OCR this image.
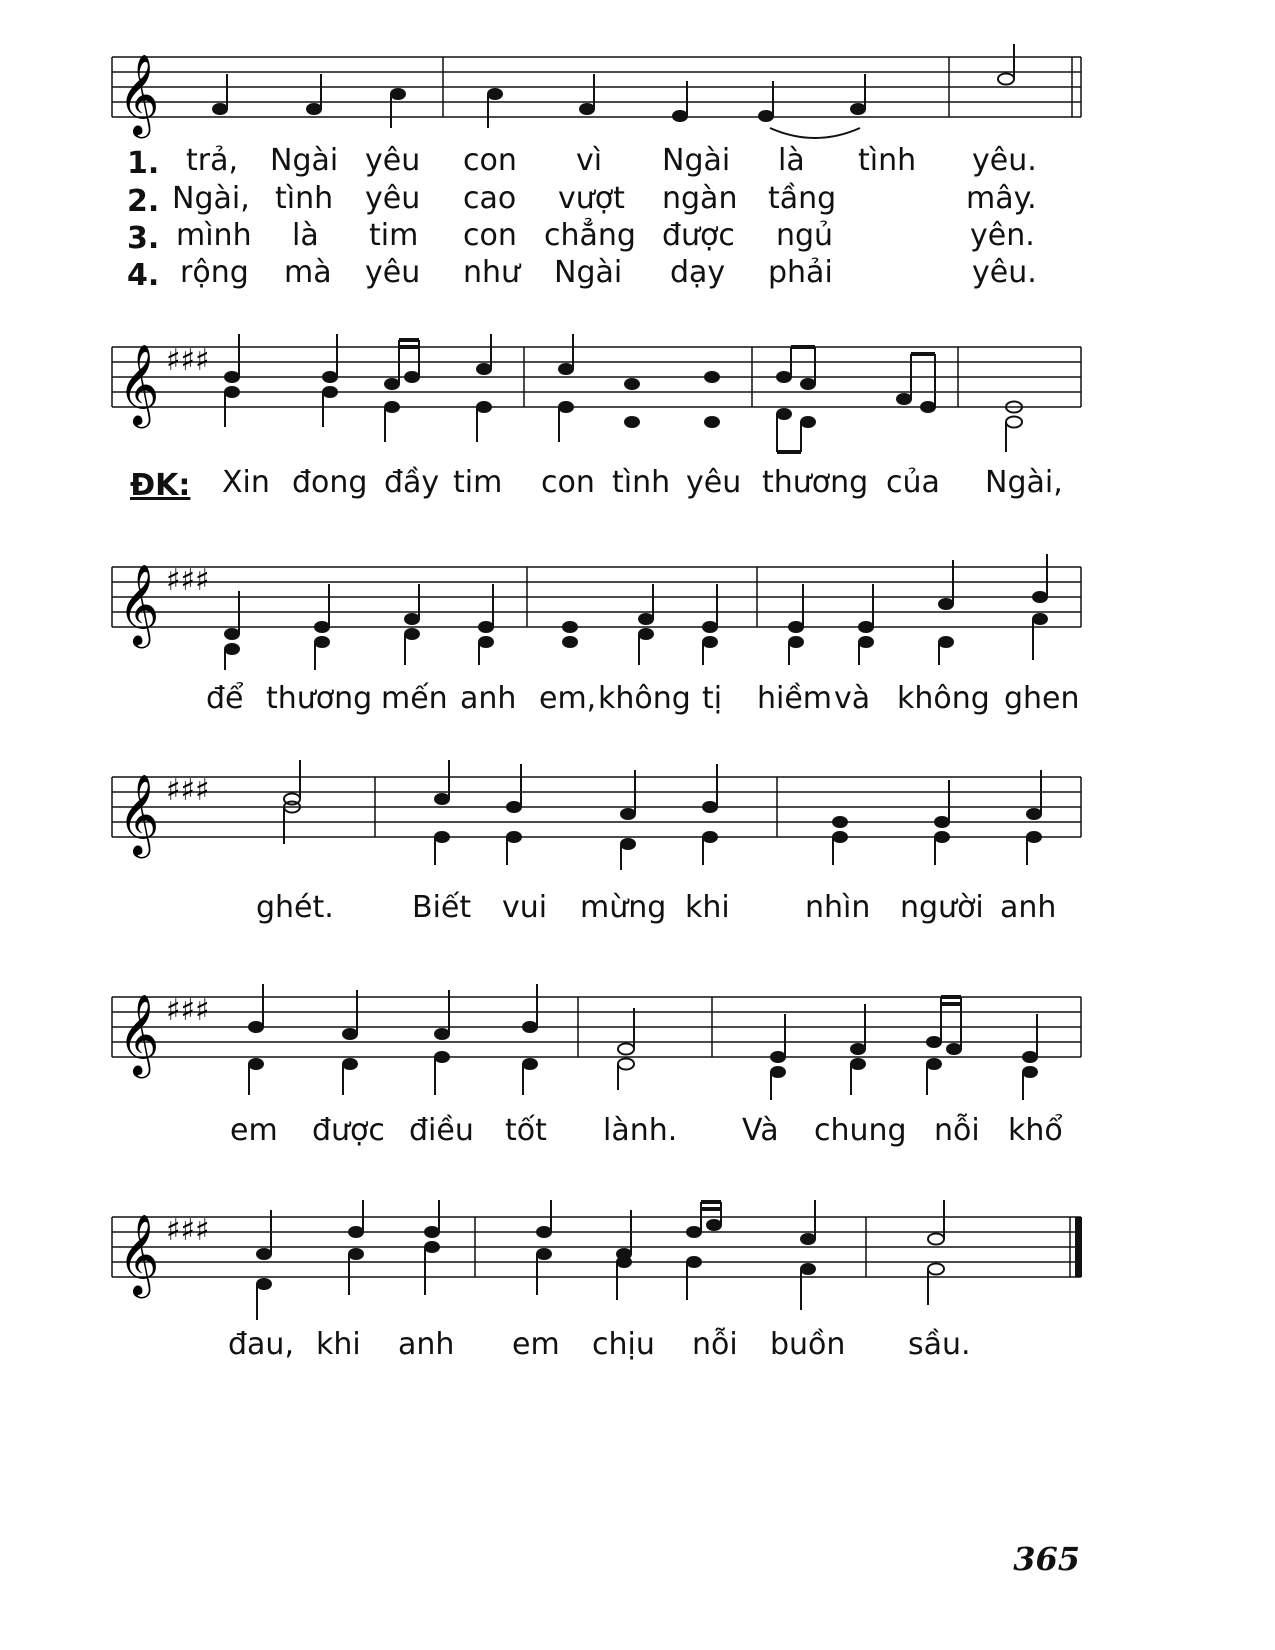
𝄞
1.
2.
3.
4.
trả, Ngài yêu con vì Ngài là tình yêu.
Ngài, tình yêu cao vượt ngàn tầng	mây.
mình là tim con chẳng được ngủ	yên.
rộng mà yêu như Ngài dạy phải	yêu.
𝄞 ♯♯♯
ĐK: Xin đong đầy tim con tình yêu thương của Ngài,
𝄞 ♯♯♯
để thương mến anh em, không tị hiềm và không ghen
𝄞 ♯♯♯
ghét.	Biết vui mừng khi	nhìn người anh
𝄞 ♯♯♯
em được điều tốt lành. Và chung nỗi khổ
𝄞 ♯♯♯
đau, khi anh em chịu nỗi buồn sầu.
365
